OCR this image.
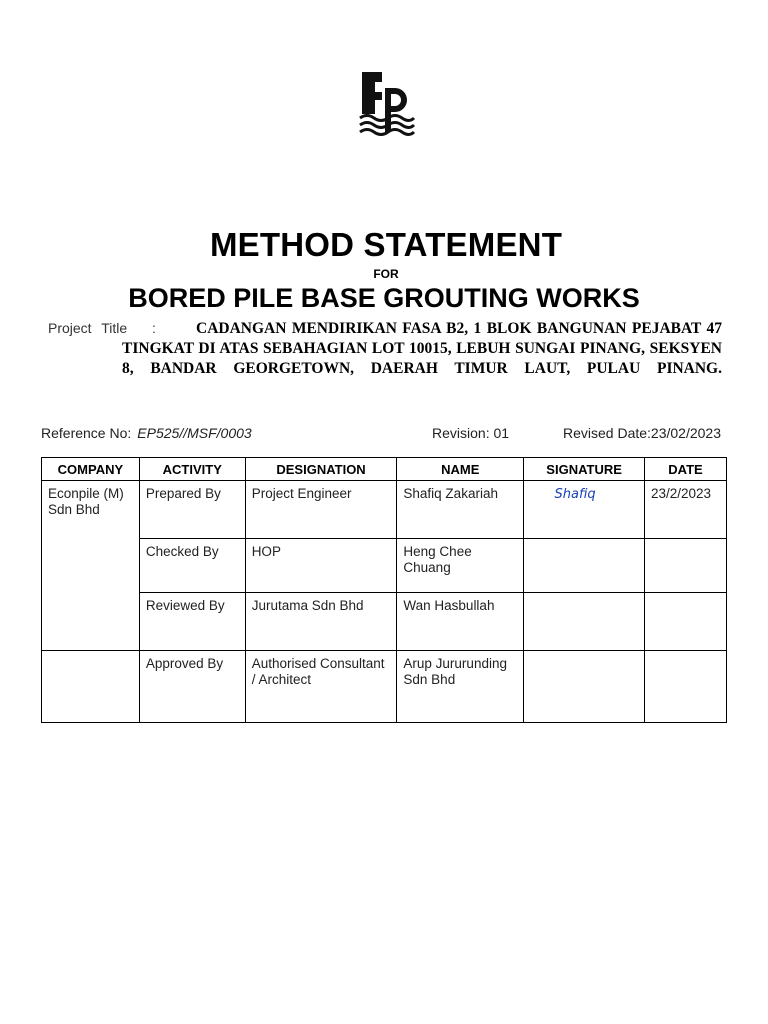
METHOD STATEMENT
FOR
BORED PILE BASE GROUTING WORKS
Project Title :	CADANGAN MENDIRIKAN FASA B2, 1 BLOK BANGUNAN PEJABAT 47 TINGKAT DI ATAS SEBAHAGIAN LOT 10015, LEBUH SUNGAI PINANG, SEKSYEN 8, BANDAR GEORGETOWN, DAERAH TIMUR LAUT, PULAU PINANG.
Reference No: EP525//MSF/0003	Revision: 01	Revised Date:23/02/2023
COMPANY	ACTIVITY	DESIGNATION	NAME	SIGNATURE	DATE
Econpile (M) Sdn Bhd	Prepared By	Project Engineer	Shafiq Zakariah	Shafiq	23/2/2023
	Checked By	HOP	Heng Chee Chuang		
	Reviewed By	Jurutama Sdn Bhd	Wan Hasbullah		
	Approved By	Authorised Consultant / Architect	Arup Jururunding Sdn Bhd		
